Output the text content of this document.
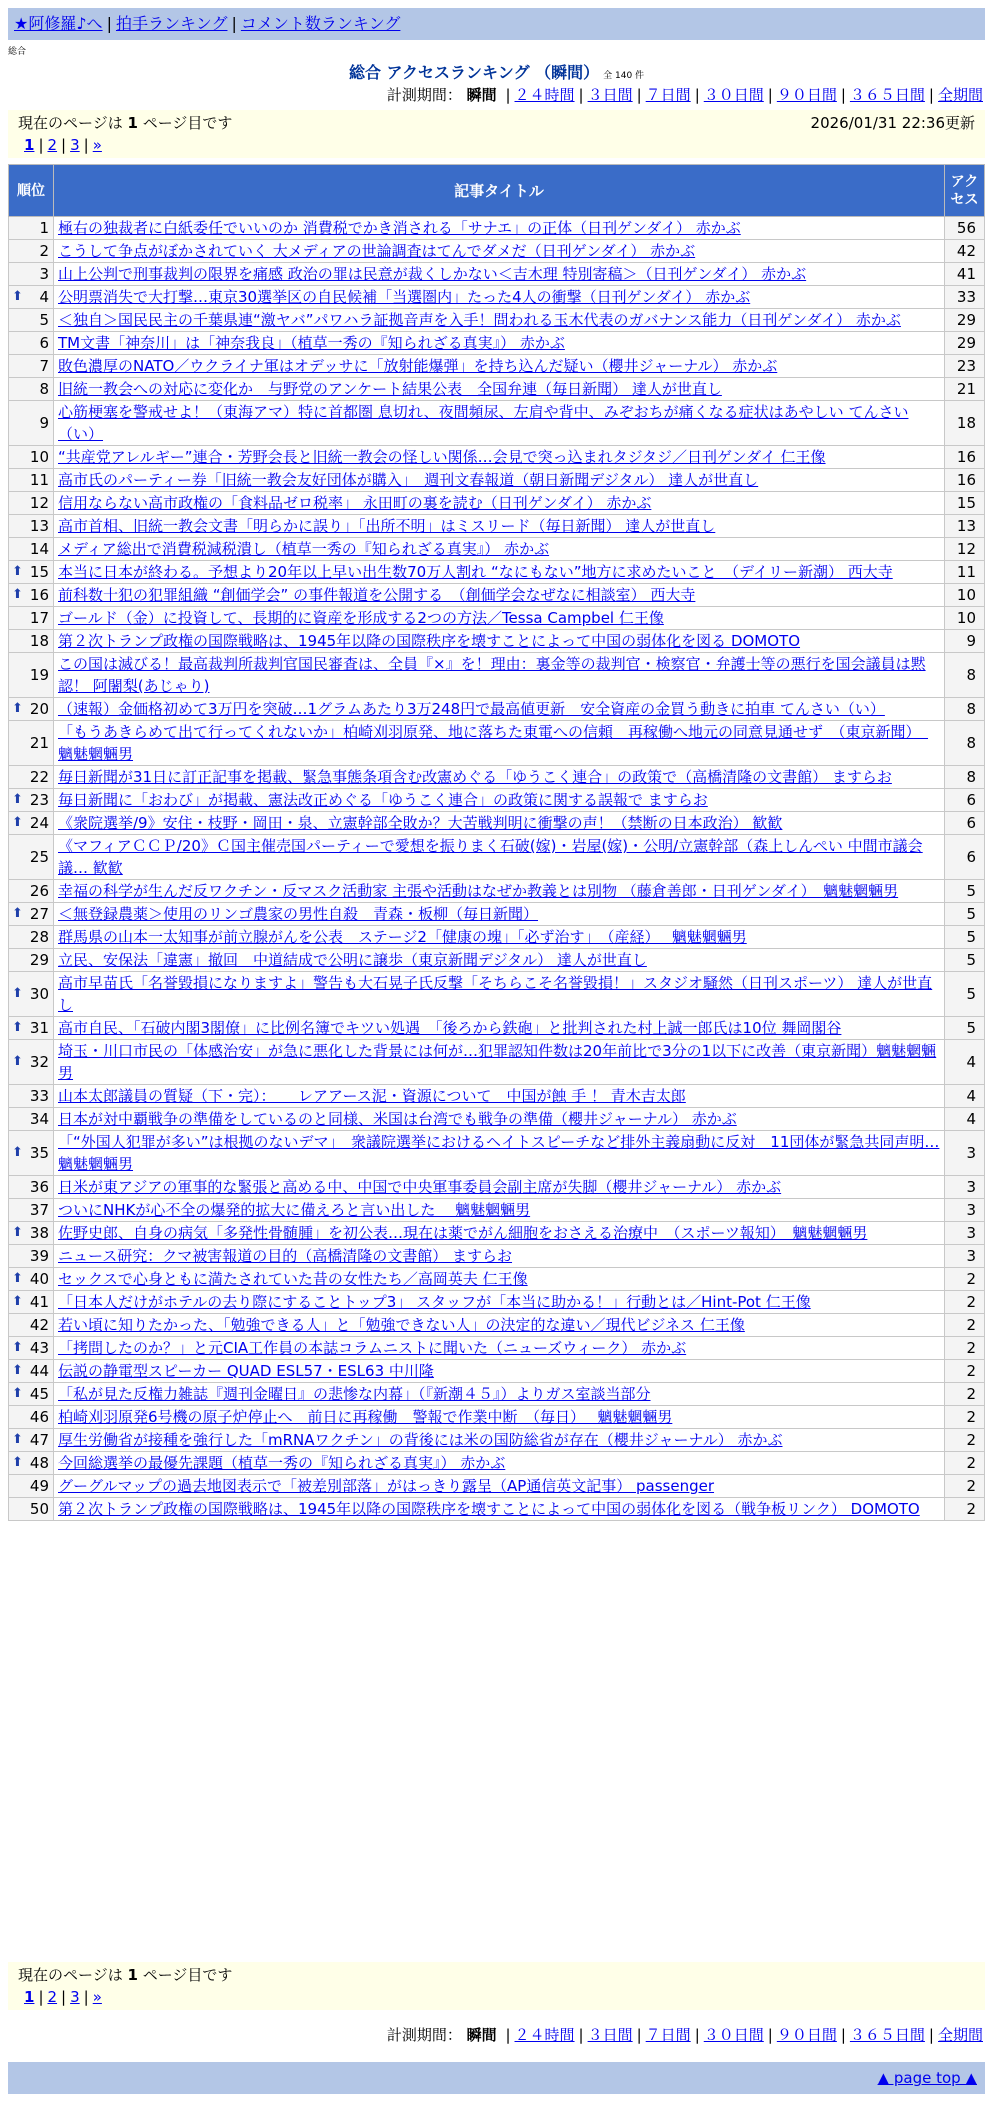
★阿修羅♪へ | 拍手ランキング | コメント数ランキング
総合
総合 アクセスランキング （瞬間） 全 140 件
計測期間： 瞬間 | ２４時間 | ３日間 | ７日間 | ３０日間 | ９０日間 | ３６５日間 | 全期間
現在のページは 1 ページ目です	2026/01/31 22:36更新
1 | 2 | 3 | »
順位	記事タイトル	アクセス
1	極右の独裁者に白紙委任でいいのか 消費税でかき消される「サナエ」の正体（日刊ゲンダイ） 赤かぶ	56
2	こうして争点がぼかされていく 大メディアの世論調査はてんでダメだ（日刊ゲンダイ） 赤かぶ	42
3	山上公判で刑事裁判の限界を痛感 政治の罪は民意が裁くしかない＜吉木理 特別寄稿＞（日刊ゲンダイ） 赤かぶ	41

⬆ 4	公明票消失で大打撃…東京30選挙区の自民候補「当選圏内」たった4人の衝撃（日刊ゲンダイ） 赤かぶ	33
5	＜独自＞国民民主の千葉県連“激ヤバ”パワハラ証拠音声を入手！問われる玉木代表のガバナンス能力（日刊ゲンダイ） 赤かぶ	29
6	TM文書「神奈川」は「神奈我良」（植草一秀の『知られざる真実』） 赤かぶ	29
7	敗色濃厚のNATO／ウクライナ軍はオデッサに「放射能爆弾」を持ち込んだ疑い（櫻井ジャーナル） 赤かぶ	23
8	旧統一教会への対応に変化か　与野党のアンケート結果公表　全国弁連（毎日新聞） 達人が世直し	21
9	心筋梗塞を警戒せよ！（東海アマ）特に首都圏 息切れ、夜間頻尿、左肩や背中、みぞおちが痛くなる症状はあやしい てんさい（い）	18
10	“共産党アレルギー”連合・芳野会長と旧統一教会の怪しい関係…会見で突っ込まれタジタジ／日刊ゲンダイ 仁王像	16
11	高市氏のパーティー券「旧統一教会友好団体が購入」　週刊文春報道（朝日新聞デジタル） 達人が世直し	16
12	信用ならない高市政権の「食料品ゼロ税率」 永田町の裏を読む（日刊ゲンダイ） 赤かぶ	15
13	高市首相、旧統一教会文書「明らかに誤り」「出所不明」はミスリード（毎日新聞） 達人が世直し	13
14	メディア総出で消費税減税潰し（植草一秀の『知られざる真実』） 赤かぶ	12

⬆ 15	本当に日本が終わる。予想より20年以上早い出生数70万人割れ “なにもない”地方に求めたいこと　（デイリー新潮） 西大寺	11

⬆ 16	前科数十犯の犯罪組織 “創価学会” の事件報道を公開する　（創価学会なぜなに相談室） 西大寺	10
17	ゴールド（金）に投資して、長期的に資産を形成する2つの方法／Tessa Campbel 仁王像	10
18	第２次トランプ政権の国際戦略は、1945年以降の国際秩序を壊すことによって中国の弱体化を図る DOMOTO	9
19	この国は滅びる！最高裁判所裁判官国民審査は、全員『×』を！理由：裏金等の裁判官・検察官・弁護士等の悪行を国会議員は黙認！ 阿闍梨(あじゃり)	8

⬆ 20	（速報）金価格初めて3万円を突破…1グラムあたり3万248円で最高値更新　安全資産の金買う動きに拍車 てんさい（い）	8
21	「もうあきらめて出て行ってくれないか」柏崎刈羽原発、地に落ちた東電への信頼　再稼働へ地元の同意見通せず　（東京新聞）　魑魅魍魎男	8
22	毎日新聞が31日に訂正記事を掲載、緊急事態条項含む改憲めぐる「ゆうこく連合」の政策で（高橋清隆の文書館） ますらお	8

⬆ 23	毎日新聞に「おわび」が掲載、憲法改正めぐる「ゆうこく連合」の政策に関する誤報で ますらお	6

⬆ 24	《衆院選挙/9》安住・枝野・岡田・泉、立憲幹部全敗か？大苦戦判明に衝撃の声！（禁断の日本政治） 歓歓	6
25	《マフィアＣＣＰ/20》Ｃ国主催売国パーティーで愛想を振りまく石破(嫁)・岩屋(嫁)・公明/立憲幹部（森上しんぺい 中間市議会議… 歓歓	6
26	幸福の科学が生んだ反ワクチン・反マスク活動家 主張や活動はなぜか教義とは別物 （藤倉善郎・日刊ゲンダイ）　魑魅魍魎男	5

⬆ 27	＜無登録農薬＞使用のリンゴ農家の男性自殺　青森・板柳（毎日新聞）	5
28	群馬県の山本一太知事が前立腺がんを公表　ステージ2「健康の塊」「必ず治す」　（産経）　 魑魅魍魎男	5
29	立民、安保法「違憲」撤回　中道結成で公明に譲歩（東京新聞デジタル） 達人が世直し	5

⬆ 30	高市早苗氏「名誉毀損になりますよ」警告も大石晃子氏反撃「そちらこそ名誉毀損！」スタジオ騒然（日刊スポーツ） 達人が世直し	5

⬆ 31	高市自民、「石破内閣3閣僚」に比例名簿でキツい処遇　「後ろから鉄砲」と批判された村上誠一郎氏は10位 舞岡閣谷	5

⬆ 32	埼玉・川口市民の「体感治安」が急に悪化した背景には何が…犯罪認知件数は20年前比で3分の1以下に改善（東京新聞）魑魅魍魎男	4
33	山本太郎議員の質疑（下・完）：　　レアアース泥・資源について　中国が蝕 手 ！ 青木吉太郎	4
34	日本が対中覇戦争の準備をしているのと同様、米国は台湾でも戦争の準備（櫻井ジャーナル） 赤かぶ	4

⬆ 35	「“外国人犯罪が多い”は根拠のないデマ」　衆議院選挙におけるヘイトスピーチなど排外主義扇動に反対　11団体が緊急共同声明… 魑魅魍魎男	3
36	日米が東アジアの軍事的な緊張と高める中、中国で中央軍事委員会副主席が失脚（櫻井ジャーナル） 赤かぶ	3
37	ついにNHKが心不全の爆発的拡大に備えろと言い出した　 魑魅魍魎男	3

⬆ 38	佐野史郎、自身の病気「多発性骨髄腫」を初公表…現在は薬でがん細胞をおさえる治療中　（スポーツ報知）　魑魅魍魎男	3
39	ニュース研究：クマ被害報道の目的（高橋清隆の文書館） ますらお	3

⬆ 40	セックスで心身ともに満たされていた昔の女性たち／高岡英夫 仁王像	2

⬆ 41	「日本人だけがホテルの去り際にすることトップ3」 スタッフが「本当に助かる！」行動とは／Hint-Pot 仁王像	2
42	若い頃に知りたかった、「勉強できる人」と「勉強できない人」の決定的な違い／現代ビジネス 仁王像	2

⬆ 43	「拷問したのか？」と元CIA工作員の本誌コラムニストに聞いた（ニューズウィーク） 赤かぶ	2

⬆ 44	伝説の静電型スピーカー QUAD ESL57・ESL63 中川隆	2

⬆ 45	「私が見た反権力雑誌『週刊金曜日』の悲惨な内幕」（『新潮４５』）よりガス室談当部分	2
46	柏崎刈羽原発6号機の原子炉停止へ　前日に再稼働　警報で作業中断　（毎日）　 魑魅魍魎男	2

⬆ 47	厚生労働省が接種を強行した「mRNAワクチン」の背後には米の国防総省が存在（櫻井ジャーナル） 赤かぶ	2

⬆ 48	今回総選挙の最優先課題（植草一秀の『知られざる真実』） 赤かぶ	2
49	グーグルマップの過去地図表示で「被差別部落」がはっきり露呈（AP通信英文記事） passenger	2
50	第２次トランプ政権の国際戦略は、1945年以降の国際秩序を壊すことによって中国の弱体化を図る（戦争板リンク） DOMOTO	2
現在のページは 1 ページ目です
1 | 2 | 3 | »
計測期間： 瞬間 | ２４時間 | ３日間 | ７日間 | ３０日間 | ９０日間 | ３６５日間 | 全期間
▲ page top ▲
